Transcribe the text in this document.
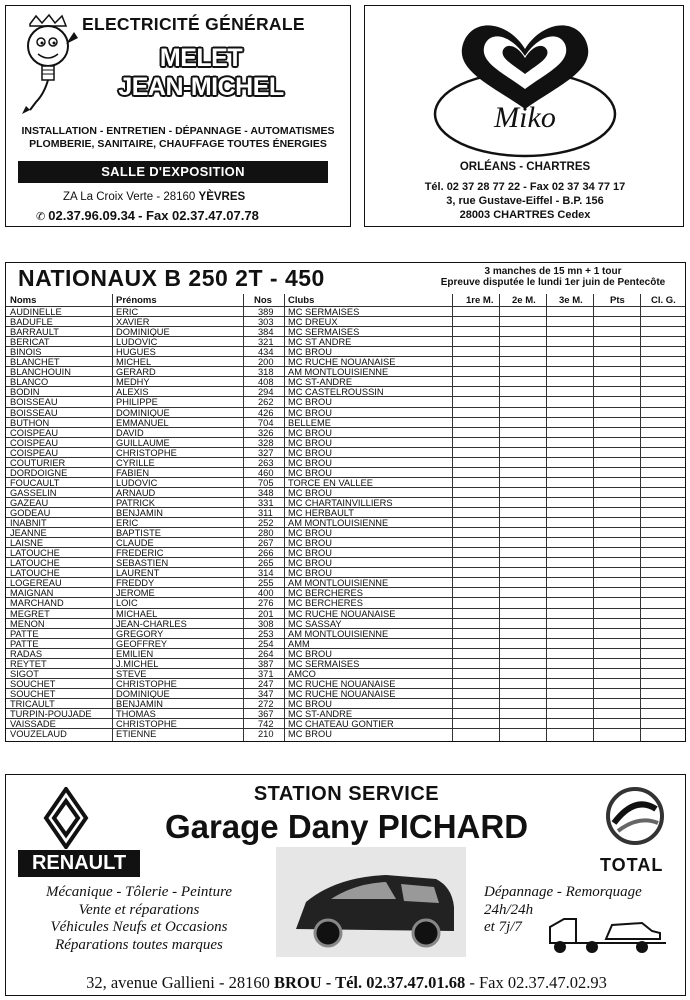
ELECTRICITÉ GÉNÉRALE
MELET
JEAN-MICHEL
INSTALLATION - ENTRETIEN - DÉPANNAGE - AUTOMATISMES
PLOMBERIE, SANITAIRE, CHAUFFAGE TOUTES ÉNERGIES
SALLE D'EXPOSITION
ZA La Croix Verte - 28160 YÈVRES
✆ 02.37.96.09.34 - Fax 02.37.47.07.78
Miko
ORLÉANS - CHARTRES
Tél. 02 37 28 77 22 - Fax 02 37 34 77 17
3, rue Gustave-Eiffel - B.P. 156
28003 CHARTRES Cedex
NATIONAUX B 250 2T - 450	3 manches de 15 mn + 1 tour
Epreuve disputée le lundi 1er juin de Pentecôte
Noms	Prénoms	Nos Clubs	1re M. 2e M. 3e M.	Pts	Cl. G.
AUDINELLE	ERIC	389 MC SERMAISES
BADUFLE	XAVIER	303 MC DREUX
BARRAULT	DOMINIQUE	384 MC SERMAISES
BERICAT	LUDOVIC	321 MC ST ANDRE
BINOIS	HUGUES	434 MC BROU
BLANCHET	MICHEL	200 MC RUCHE NOUANAISE
BLANCHOUIN	GERARD	318 AM MONTLOUISIENNE
BLANCO	MEDHY	408 MC ST-ANDRE
BODIN	ALEXIS	294 MC CASTELROUSSIN
BOISSEAU	PHILIPPE	262 MC BROU
BOISSEAU	DOMINIQUE	426 MC BROU
BUTHON	EMMANUEL	704 BELLEME
COISPEAU	DAVID	326 MC BROU
COISPEAU	GUILLAUME	328 MC BROU
COISPEAU	CHRISTOPHE	327 MC BROU
COUTURIER	CYRILLE	263 MC BROU
DORDOIGNE	FABIEN	460 MC BROU
FOUCAULT	LUDOVIC	705 TORCE EN VALLEE
GASSELIN	ARNAUD	348 MC BROU
GAZEAU	PATRICK	331 MC CHARTAINVILLIERS
GODEAU	BENJAMIN	311 MC HERBAULT
INABNIT	ERIC	252 AM MONTLOUISIENNE
JEANNE	BAPTISTE	280 MC BROU
LAISNE	CLAUDE	267 MC BROU
LATOUCHE	FREDERIC	266 MC BROU
LATOUCHE	SEBASTIEN	265 MC BROU
LATOUCHE	LAURENT	314 MC BROU
LOGEREAU	FREDDY	255 AM MONTLOUISIENNE
MAIGNAN	JEROME	400 MC BERCHERES
MARCHAND	LOIC	276 MC BERCHERES
MEGRET	MICHAEL	201 MC RUCHE NOUANAISE
MENON	JEAN-CHARLES	308 MC SASSAY
PATTE	GREGORY	253 AM MONTLOUISIENNE
PATTE	GEOFFREY	254 AMM
RADAS	EMILIEN	264 MC BROU
REYTET	J.MICHEL	387 MC SERMAISES
SIGOT	STEVE	371 AMCO
SOUCHET	CHRISTOPHE	247 MC RUCHE NOUANAISE
SOUCHET	DOMINIQUE	347 MC RUCHE NOUANAISE
TRICAULT	BENJAMIN	272 MC BROU
TURPIN-POUJADE	THOMAS	367 MC ST-ANDRE
VAISSADE	CHRISTOPHE	742 MC CHATEAU GONTIER
VOUZELAUD	ETIENNE	210 MC BROU
RENAULT
STATION SERVICE
Garage Dany PICHARD
TOTAL
Mécanique - Tôlerie - Peinture
Vente et réparations
Véhicules Neufs et Occasions
Réparations toutes marques
Dépannage - Remorquage
24h/24h
et 7j/7
32, avenue Gallieni - 28160 BROU - Tél. 02.37.47.01.68 - Fax 02.37.47.02.93
